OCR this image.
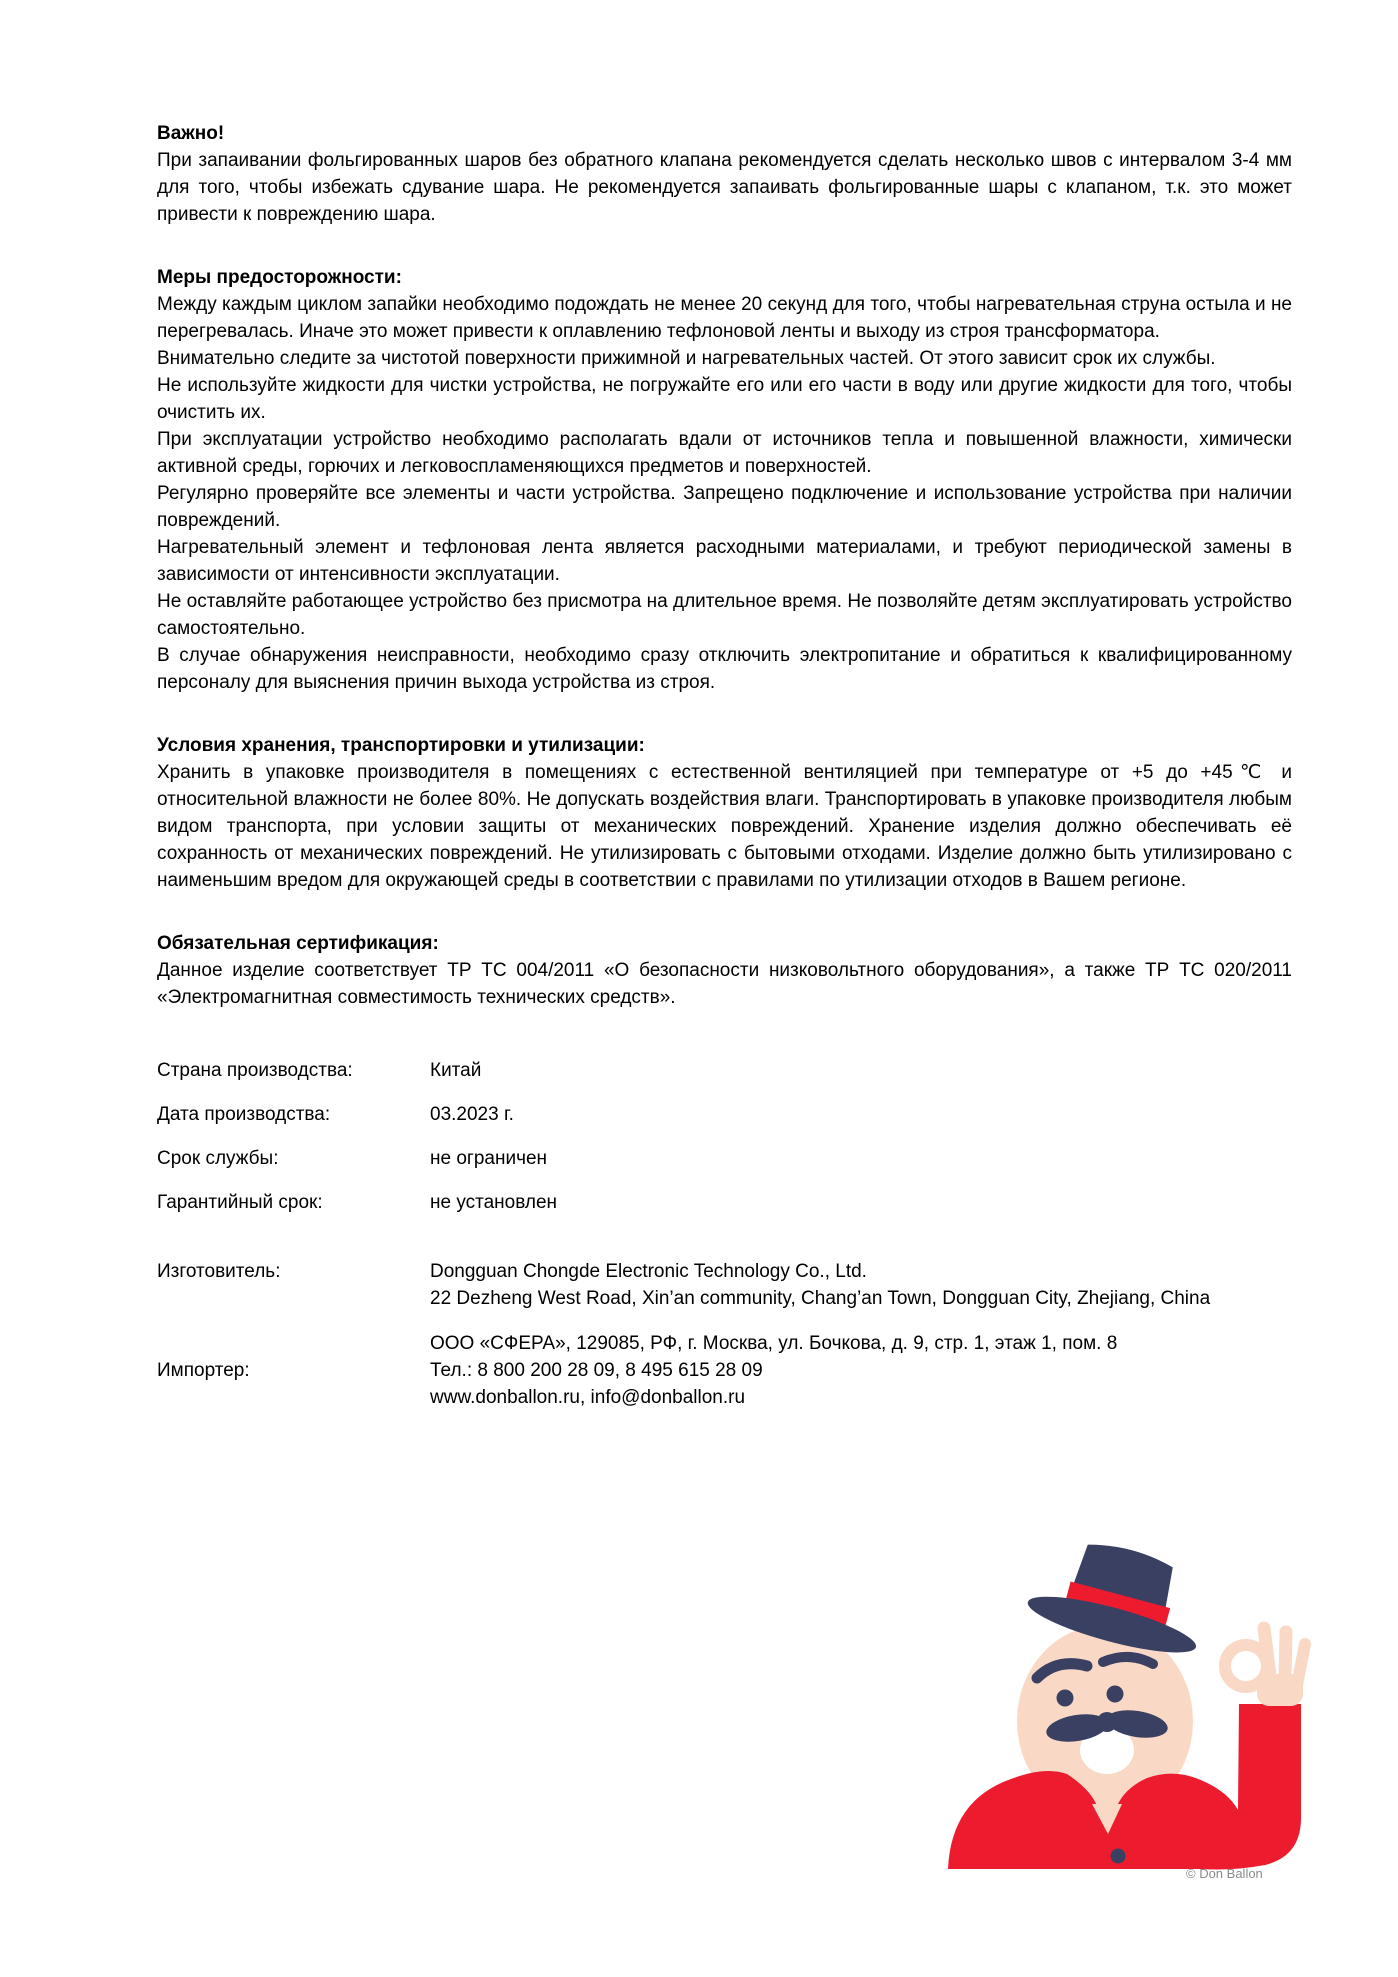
Важно!

При запаивании фольгированных шаров без обратного клапана рекомендуется сделать несколько швов с интервалом 3-4 мм для того, чтобы избежать сдувание шара. Не рекомендуется запаивать фольгированные шары с клапаном, т.к. это может привести к повреждению шара.

Меры предосторожности:

Между каждым циклом запайки необходимо подождать не менее 20 секунд для того, чтобы нагревательная струна остыла и не перегревалась. Иначе это может привести к оплавлению тефлоновой ленты и выходу из строя трансформатора.

Внимательно следите за чистотой поверхности прижимной и нагревательных частей. От этого зависит срок их службы.

Не используйте жидкости для чистки устройства, не погружайте его или его части в воду или другие жидкости для того, чтобы очистить их.

При эксплуатации устройство необходимо располагать вдали от источников тепла и повышенной влажности, химически активной среды, горючих и легковоспламеняющихся предметов и поверхностей.

Регулярно проверяйте все элементы и части устройства. Запрещено подключение и использование устройства при наличии повреждений.

Нагревательный элемент и тефлоновая лента является расходными материалами, и требуют периодической замены в зависимости от интенсивности эксплуатации.

Не оставляйте работающее устройство без присмотра на длительное время. Не позволяйте детям эксплуатировать устройство самостоятельно.

В случае обнаружения неисправности, необходимо сразу отключить электропитание и обратиться к квалифицированному персоналу для выяснения причин выхода устройства из строя.

Условия хранения, транспортировки и утилизации:

Хранить в упаковке производителя в помещениях с естественной вентиляцией при температуре от +5 до +45℃ и относительной влажности не более 80%. Не допускать воздействия влаги. Транспортировать в упаковке производителя любым видом транспорта, при условии защиты от механических повреждений. Хранение изделия должно обеспечивать её сохранность от механических повреждений. Не утилизировать с бытовыми отходами. Изделие должно быть утилизировано с наименьшим вредом для окружающей среды в соответствии с правилами по утилизации отходов в Вашем регионе.

Обязательная сертификация:

Данное изделие соответствует ТР ТС 004/2011 «О безопасности низковольтного оборудования», а также ТР ТС 020/2011 «Электромагнитная совместимость технических средств».

Страна производства:	Китай
Дата производства:	03.2023 г.
Срок службы:	не ограничен
Гарантийный срок:	не установлен
Изготовитель:	Dongguan Chongde Electronic Technology Co., Ltd.
22 Dezheng West Road, Xin’an community, Chang’an Town, Dongguan City, Zhejiang, China
Импортер:
ООО «СФЕРА», 129085, РФ, г. Москва, ул. Бочкова, д. 9, стр. 1, этаж 1, пом. 8
Тел.: 8 800 200 28 09, 8 495 615 28 09
www.donballon.ru, info@donballon.ru
© Don Ballon
